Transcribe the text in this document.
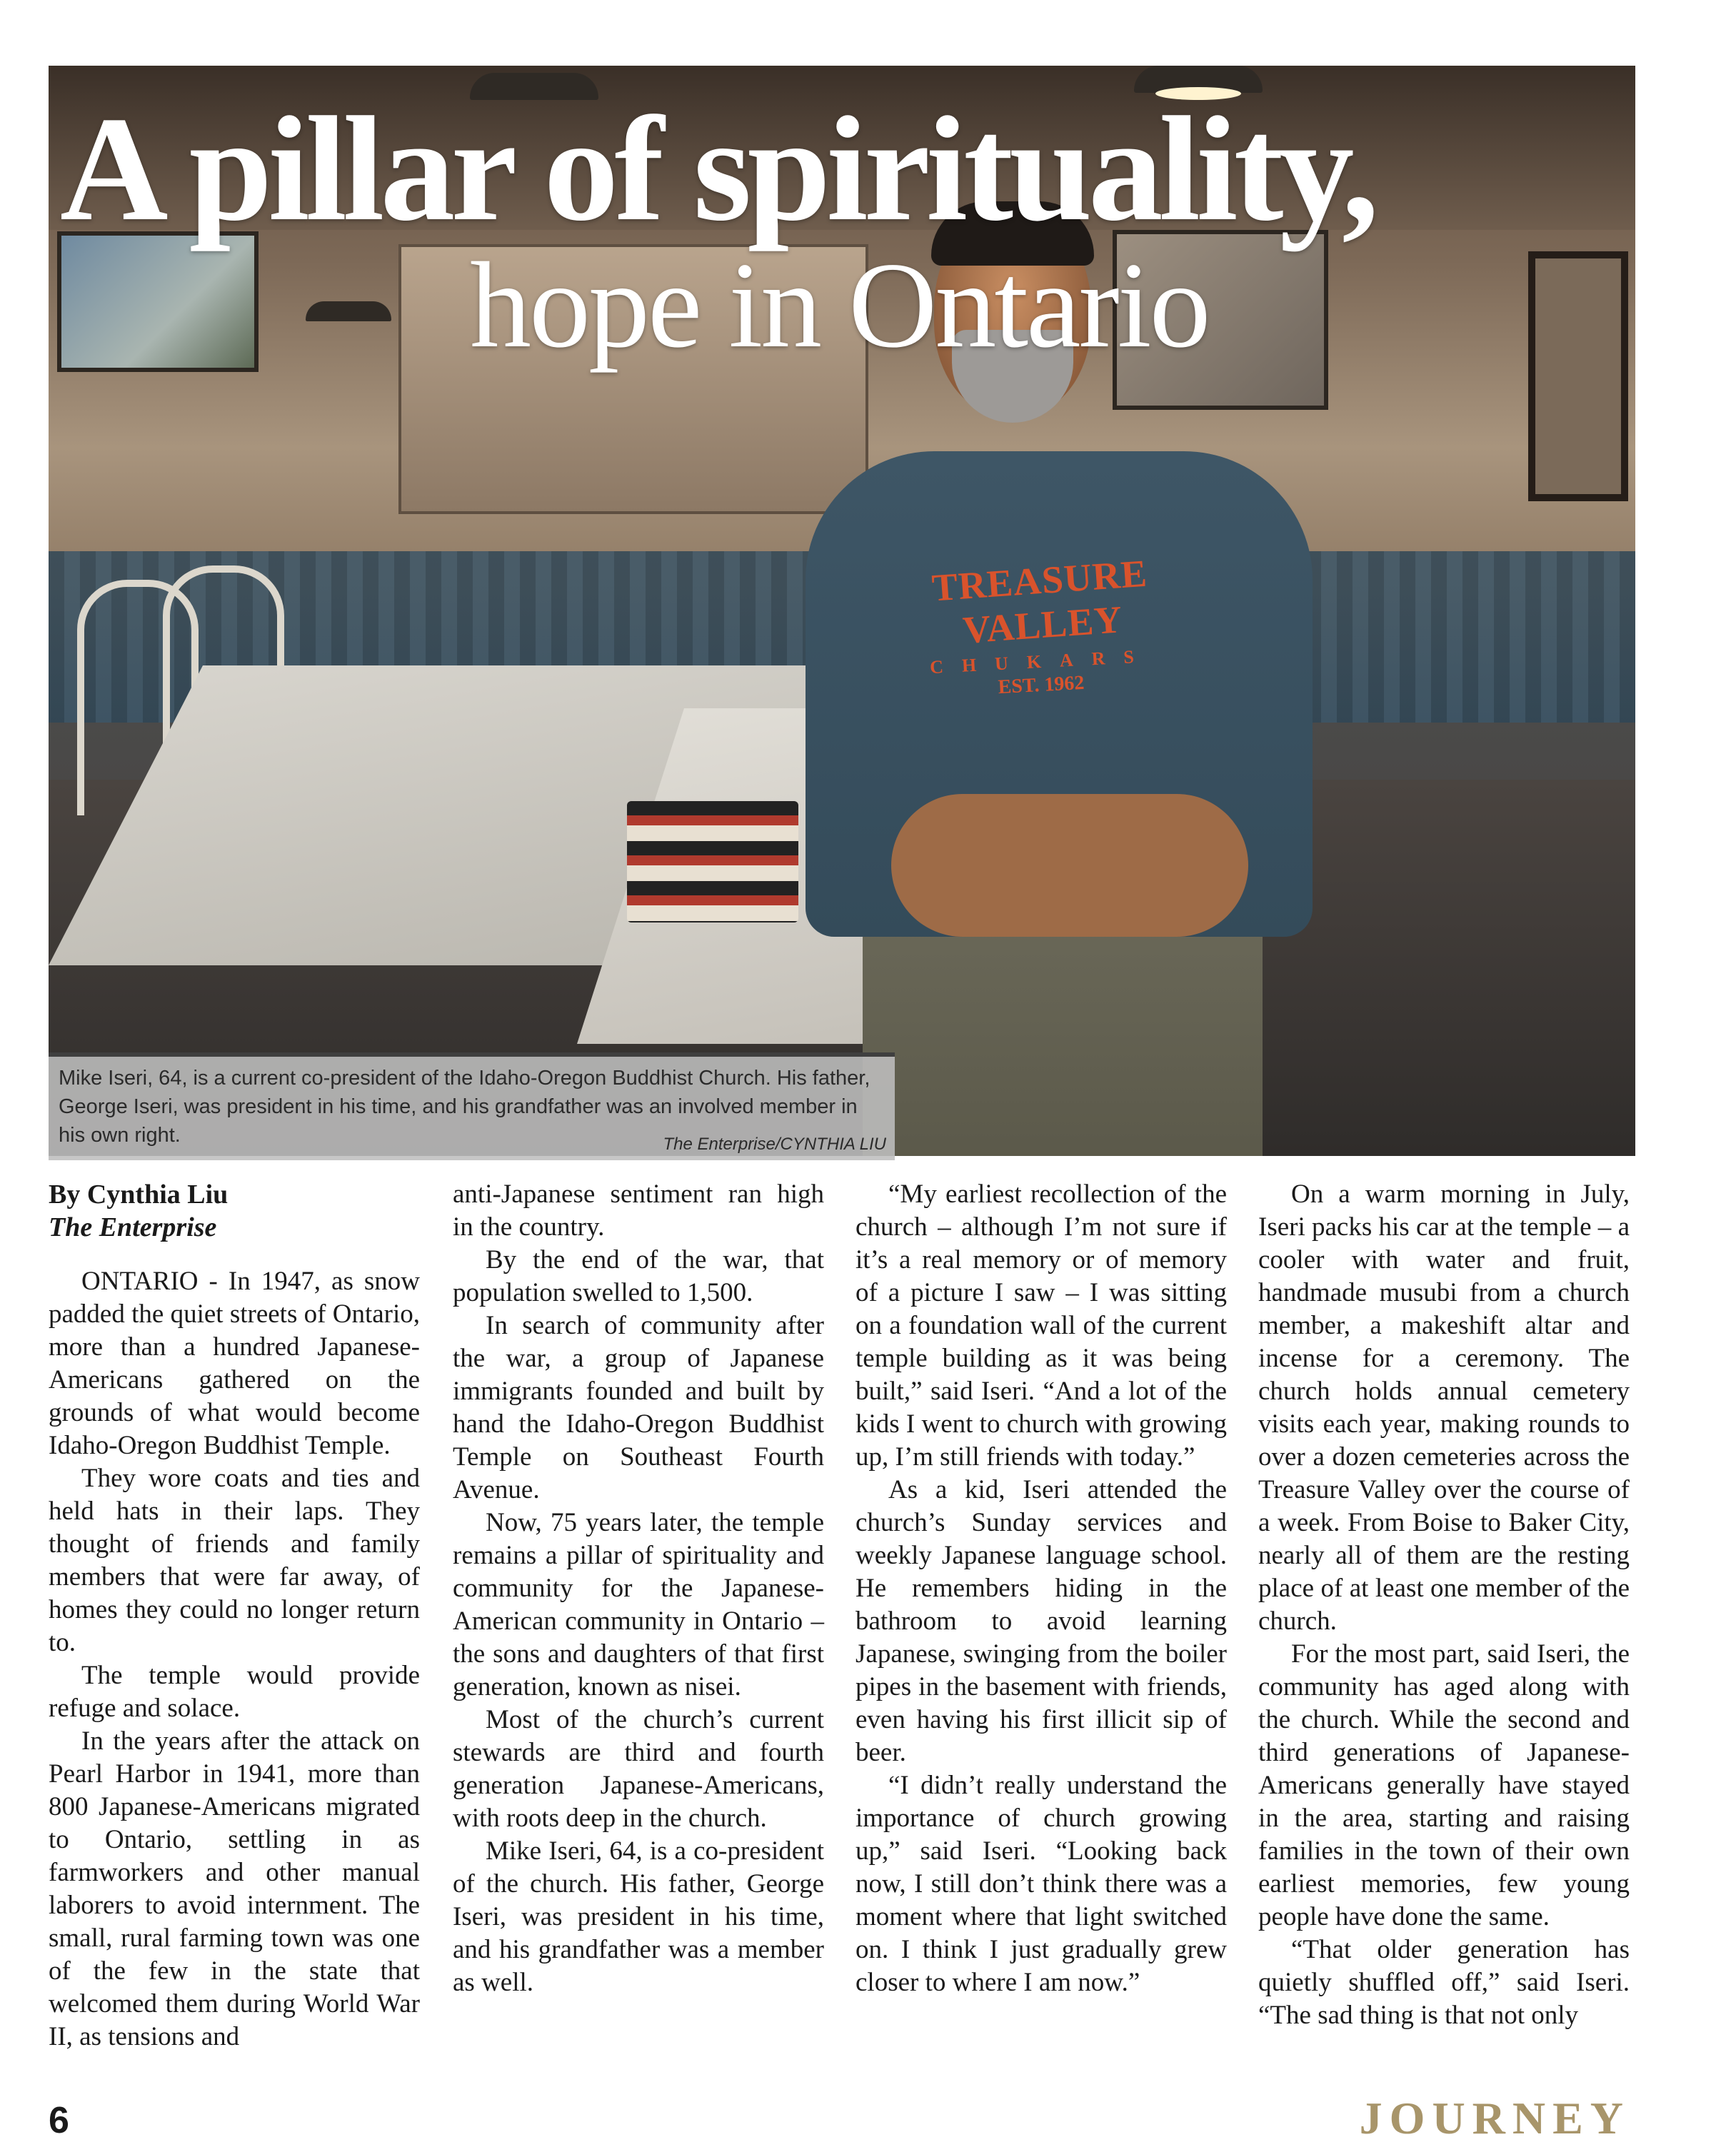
TREASURE VALLEY
CHUKARS
EST. 1962
A pillar of spirituality,
hope in Ontario
Mike Iseri, 64, is a current co-president of the Idaho-Oregon Buddhist Church. His father, George Iseri, was president in his time, and his grandfather was an involved member in his own right.	The Enterprise/CYNTHIA LIU

By Cynthia Liu

The Enterprise

ONTARIO - In 1947, as snow padded the quiet streets of Ontario, more than a hundred Japanese-Americans gathered on the grounds of what would become Idaho-Oregon Buddhist Temple.

They wore coats and ties and held hats in their laps. They thought of friends and family members that were far away, of homes they could no longer return to.

The temple would provide refuge and solace.

In the years after the attack on Pearl Harbor in 1941, more than 800 Japanese-Americans migrated to Ontario, settling in as farmworkers and other manual laborers to avoid internment. The small, rural farming town was one of the few in the state that welcomed them during World War II, as tensions and

anti-Japanese sentiment ran high in the country.

By the end of the war, that population swelled to 1,500.

In search of community after the war, a group of Japanese immigrants founded and built by hand the Idaho-Oregon Buddhist Temple on Southeast Fourth Avenue.

Now, 75 years later, the temple remains a pillar of spirituality and community for the Japanese-American community in Ontario – the sons and daughters of that first generation, known as nisei.

Most of the church’s current stewards are third and fourth generation Japanese-Americans, with roots deep in the church.

Mike Iseri, 64, is a co-president of the church. His father, George Iseri, was president in his time, and his grandfather was a member as well.

“My earliest recollection of the church – although I’m not sure if it’s a real memory or of memory of a picture I saw – I was sitting on a foundation wall of the current temple building as it was being built,” said Iseri. “And a lot of the kids I went to church with growing up, I’m still friends with today.”

As a kid, Iseri attended the church’s Sunday services and weekly Japanese language school. He remembers hiding in the bathroom to avoid learning Japanese, swinging from the boiler pipes in the basement with friends, even having his first illicit sip of beer.

“I didn’t really understand the importance of church growing up,” said Iseri. “Looking back now, I still don’t think there was a moment where that light switched on. I think I just gradually grew closer to where I am now.”

On a warm morning in July, Iseri packs his car at the temple – a cooler with water and fruit, handmade musubi from a church member, a makeshift altar and incense for a ceremony. The church holds annual cemetery visits each year, making rounds to over a dozen cemeteries across the Treasure Valley over the course of a week. From Boise to Baker City, nearly all of them are the resting place of at least one member of the church.

For the most part, said Iseri, the community has aged along with the church. While the second and third generations of Japanese-Americans generally have stayed in the area, starting and raising families in the town of their own earliest memories, few young people have done the same.

“That older generation has quietly shuffled off,” said Iseri. “The sad thing is that not only

6	JOURNEY
